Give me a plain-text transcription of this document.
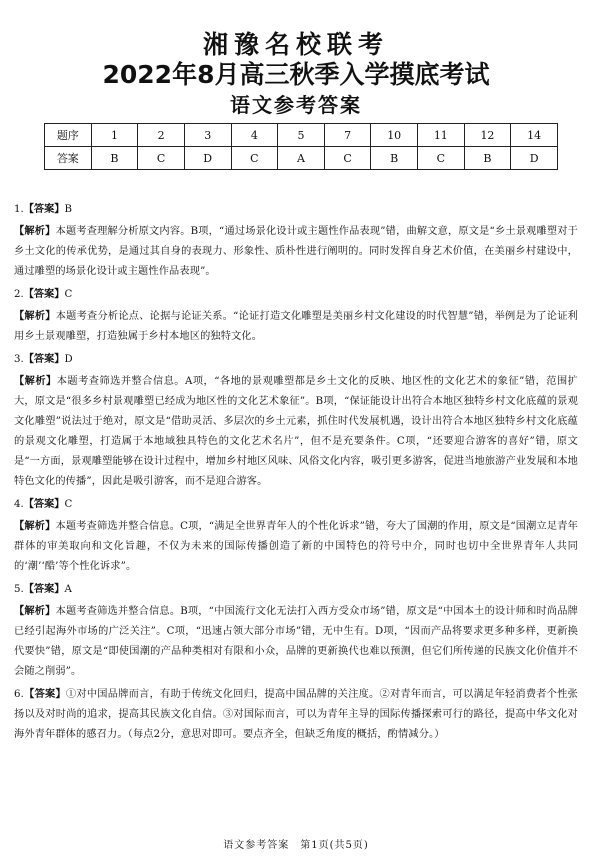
湘豫名校联考
2022年8月高三秋季入学摸底考试
语文参考答案
题序	1	2	3	4	5	7	10	11	12	14
答案	B	C	D	C	A	C	B	C	B	D

1.【答案】B

【解析】本题考查理解分析原文内容。B项，“通过场景化设计或主题性作品表现”错，曲解文意，原文是“乡土景观雕塑对于乡土文化的传承优势，是通过其自身的表现力、形象性、质朴性进行阐明的。同时发挥自身艺术价值，在美丽乡村建设中，通过雕塑的场景化设计或主题性作品表现”。

2.【答案】C

【解析】本题考查分析论点、论据与论证关系。“论证打造文化雕塑是美丽乡村文化建设的时代智慧”错，举例是为了论证利用乡土景观雕塑，打造独属于乡村本地区的独特文化。

3.【答案】D

【解析】本题考查筛选并整合信息。A项，“各地的景观雕塑都是乡土文化的反映、地区性的文化艺术的象征”错，范围扩大，原文是“很多乡村景观雕塑已经成为地区性的文化艺术象征”。B项，“保证能设计出符合本地区独特乡村文化底蕴的景观文化雕塑”说法过于绝对，原文是“借助灵活、多层次的乡土元素，抓住时代发展机遇，设计出符合本地区独特乡村文化底蕴的景观文化雕塑，打造属于本地域独具特色的文化艺术名片”，但不是充要条件。C项，“还要迎合游客的喜好”错，原文是“一方面，景观雕塑能够在设计过程中，增加乡村地区风味、风俗文化内容，吸引更多游客，促进当地旅游产业发展和本地特色文化的传播”，因此是吸引游客，而不是迎合游客。

4.【答案】C

【解析】本题考查筛选并整合信息。C项，“满足全世界青年人的个性化诉求”错，夸大了国潮的作用，原文是“国潮立足青年群体的审美取向和文化旨趣，不仅为未来的国际传播创造了新的中国特色的符号中介，同时也切中全世界青年人共同的‘潮’‘酷’等个性化诉求”。

5.【答案】A

【解析】本题考查筛选并整合信息。B项，“中国流行文化无法打入西方受众市场”错，原文是“中国本土的设计师和时尚品牌已经引起海外市场的广泛关注”。C项，“迅速占领大部分市场”错，无中生有。D项，“因而产品将要求更多种多样，更新换代要快”错，原文是“即使国潮的产品种类相对有限和小众，品牌的更新换代也难以预测，但它们所传递的民族文化价值并不会随之削弱”。

6.【答案】①对中国品牌而言，有助于传统文化回归，提高中国品牌的关注度。②对青年而言，可以满足年轻消费者个性张扬以及对时尚的追求，提高其民族文化自信。③对国际而言，可以为青年主导的国际传播探索可行的路径，提高中华文化对海外青年群体的感召力。（每点2分，意思对即可。要点齐全，但缺乏角度的概括，酌情减分。）

语文参考答案　第1页(共5页)
